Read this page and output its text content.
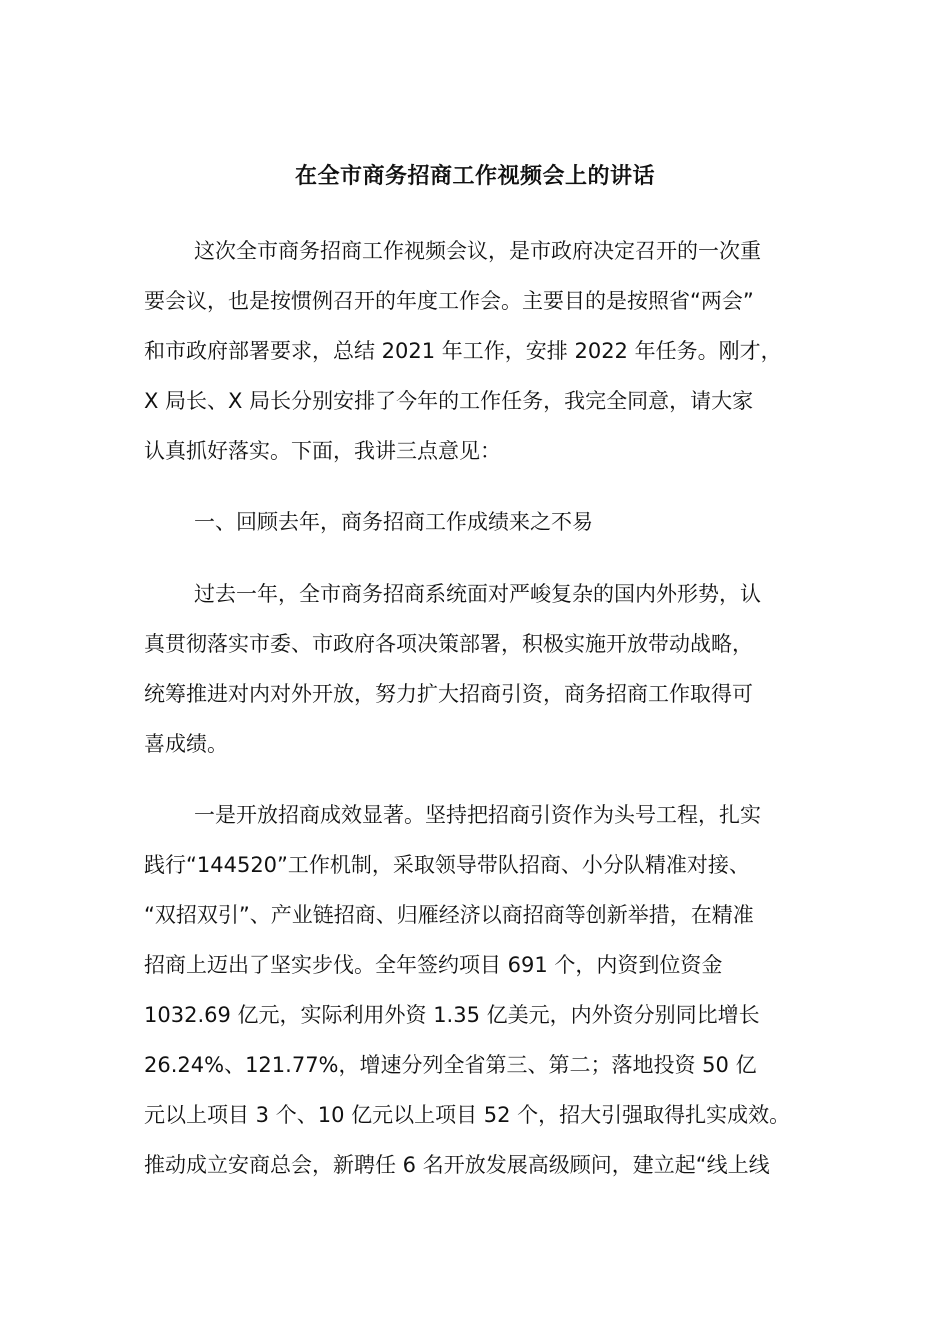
在全市商务招商工作视频会上的讲话
这次全市商务招商工作视频会议，是市政府决定召开的一次重
要会议，也是按惯例召开的年度工作会。主要目的是按照省“两会”
和市政府部署要求，总结 2021 年工作，安排 2022 年任务。刚才，
X 局长、X 局长分别安排了今年的工作任务，我完全同意，请大家
认真抓好落实。下面，我讲三点意见：
一、回顾去年，商务招商工作成绩来之不易
过去一年，全市商务招商系统面对严峻复杂的国内外形势，认
真贯彻落实市委、市政府各项决策部署，积极实施开放带动战略，
统筹推进对内对外开放，努力扩大招商引资，商务招商工作取得可
喜成绩。
一是开放招商成效显著。坚持把招商引资作为头号工程，扎实
践行“144520”工作机制，采取领导带队招商、小分队精准对接、
“双招双引”、产业链招商、归雁经济以商招商等创新举措，在精准
招商上迈出了坚实步伐。全年签约项目 691 个，内资到位资金
1032.69 亿元，实际利用外资 1.35 亿美元，内外资分别同比增长
26.24%、121.77%，增速分列全省第三、第二；落地投资 50 亿
元以上项目 3 个、10 亿元以上项目 52 个，招大引强取得扎实成效。
推动成立安商总会，新聘任 6 名开放发展高级顾问，建立起“线上线
